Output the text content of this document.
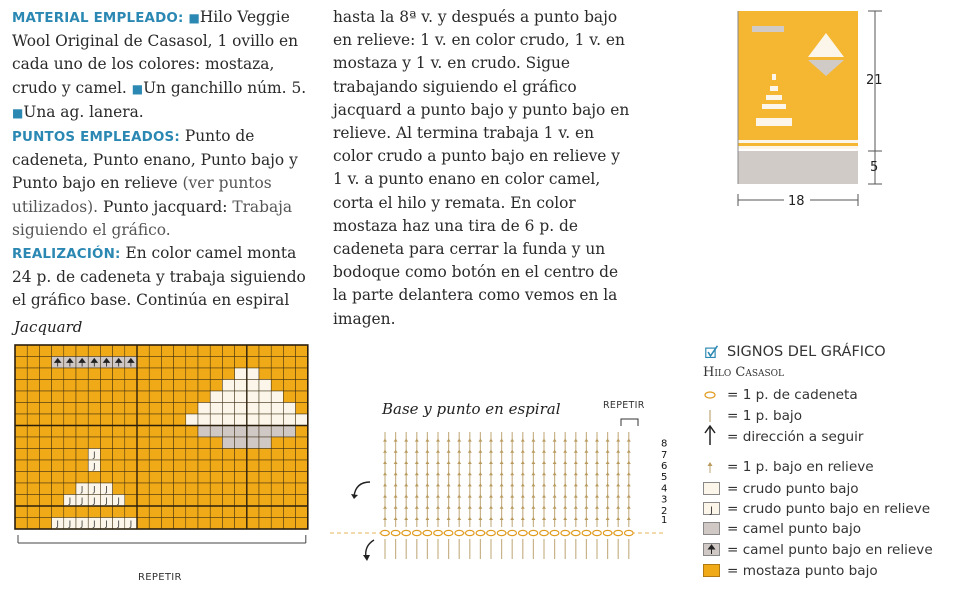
MATERIAL EMPLEADO: ■Hilo Veggie Wool Original de Casasol, 1 ovillo en cada uno de los colores: mostaza, crudo y camel. ■Un ganchillo núm. 5. ■Una ag. lanera.
PUNTOS EMPLEADOS: Punto de cadeneta, Punto enano, Punto bajo y Punto bajo en relieve (ver puntos utilizados). Punto jacquard: Trabaja siguiendo el gráfico.
REALIZACIÓN: En color camel monta 24 p. de cadeneta y trabaja siguiendo el gráfico base. Continúa en espiral
hasta la 8ª v. y después a punto bajo en relieve: 1 v. en color crudo, 1 v. en mostaza y 1 v. en crudo. Sigue trabajando siguiendo el gráfico jacquard a punto bajo y punto bajo en relieve. Al termina trabaja 1 v. en color crudo a punto bajo en relieve y 1 v. a punto enano en color camel, corta el hilo y remata. En color mostaza haz una tira de 6 p. de cadeneta para cerrar la funda y un bodoque como botón en el centro de la parte delantera como vemos en la imagen.
21
5
18
Jacquard
J
J
J J J
J J J J J
J J J J J J J
REPETIR
Base y punto en espiral	REPETIR
8
7
6
5
4
3
2
1
SIGNOS DEL GRÁFICO
Hilo Casasol
= 1 p. de cadeneta
= 1 p. bajo
= dirección a seguir
= 1 p. bajo en relieve
= crudo punto bajo
J = crudo punto bajo en relieve
= camel punto bajo
= camel punto bajo en relieve
= mostaza punto bajo
